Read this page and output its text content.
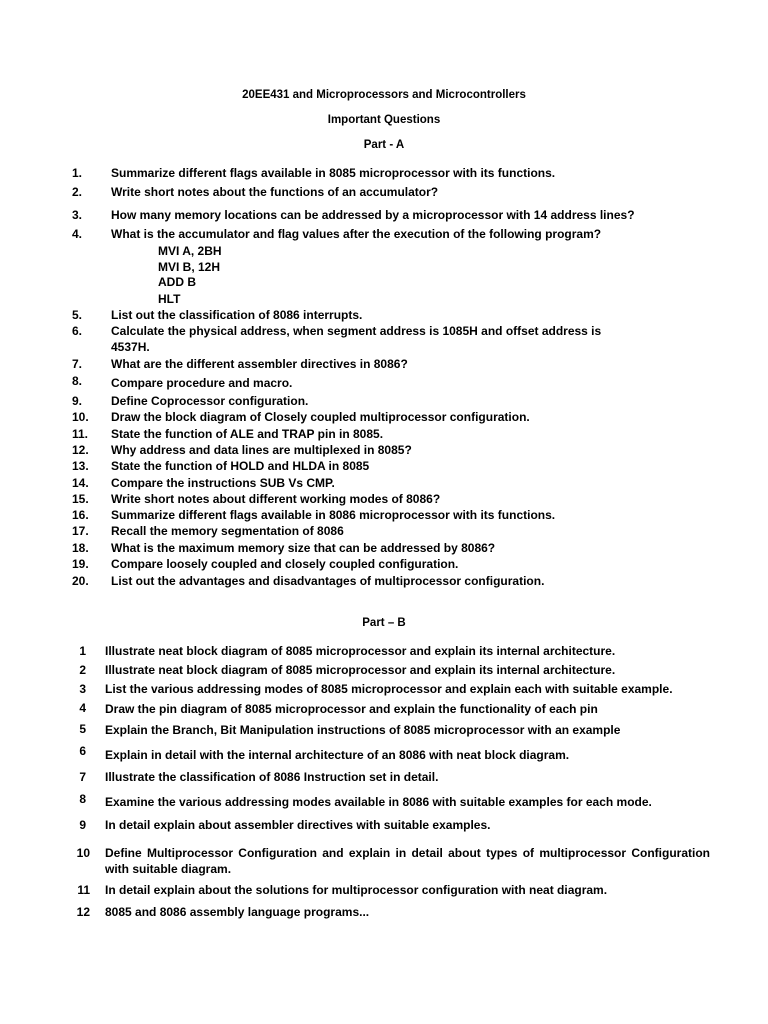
20EE431 and Microprocessors and Microcontrollers
Important Questions
Part - A
1. Summarize different flags available in 8085 microprocessor with its functions.
2. Write short notes about the functions of an accumulator?
3. How many memory locations can be addressed by a microprocessor with 14 address lines?
4. What is the accumulator and flag values after the execution of the following program?
MVI A, 2BH
MVI B, 12H
ADD B
HLT
5. List out the classification of 8086 interrupts.
6. Calculate the physical address, when segment address is 1085H and offset address is
4537H.
7. What are the different assembler directives in 8086?
8. Compare procedure and macro.
9. Define Coprocessor configuration.
10. Draw the block diagram of Closely coupled multiprocessor configuration.
11. State the function of ALE and TRAP pin in 8085.
12. Why address and data lines are multiplexed in 8085?
13. State the function of HOLD and HLDA in 8085
14. Compare the instructions SUB Vs CMP.
15. Write short notes about different working modes of 8086?
16. Summarize different flags available in 8086 microprocessor with its functions.
17. Recall the memory segmentation of 8086
18. What is the maximum memory size that can be addressed by 8086?
19. Compare loosely coupled and closely coupled configuration.
20. List out the advantages and disadvantages of multiprocessor configuration.
Part – B
1 Illustrate neat block diagram of 8085 microprocessor and explain its internal architecture.
2 Illustrate neat block diagram of 8085 microprocessor and explain its internal architecture.
3 List the various addressing modes of 8085 microprocessor and explain each with suitable example.
4 Draw the pin diagram of 8085 microprocessor and explain the functionality of each pin
5 Explain the Branch, Bit Manipulation instructions of 8085 microprocessor with an example
6 Explain in detail with the internal architecture of an 8086 with neat block diagram.
7 Illustrate the classification of 8086 Instruction set in detail.
8 Examine the various addressing modes available in 8086 with suitable examples for each mode.
9 In detail explain about assembler directives with suitable examples.
10 Define Multiprocessor Configuration and explain in detail about types of multiprocessor Configuration with suitable diagram.
11 In detail explain about the solutions for multiprocessor configuration with neat diagram.
12 8085 and 8086 assembly language programs...
